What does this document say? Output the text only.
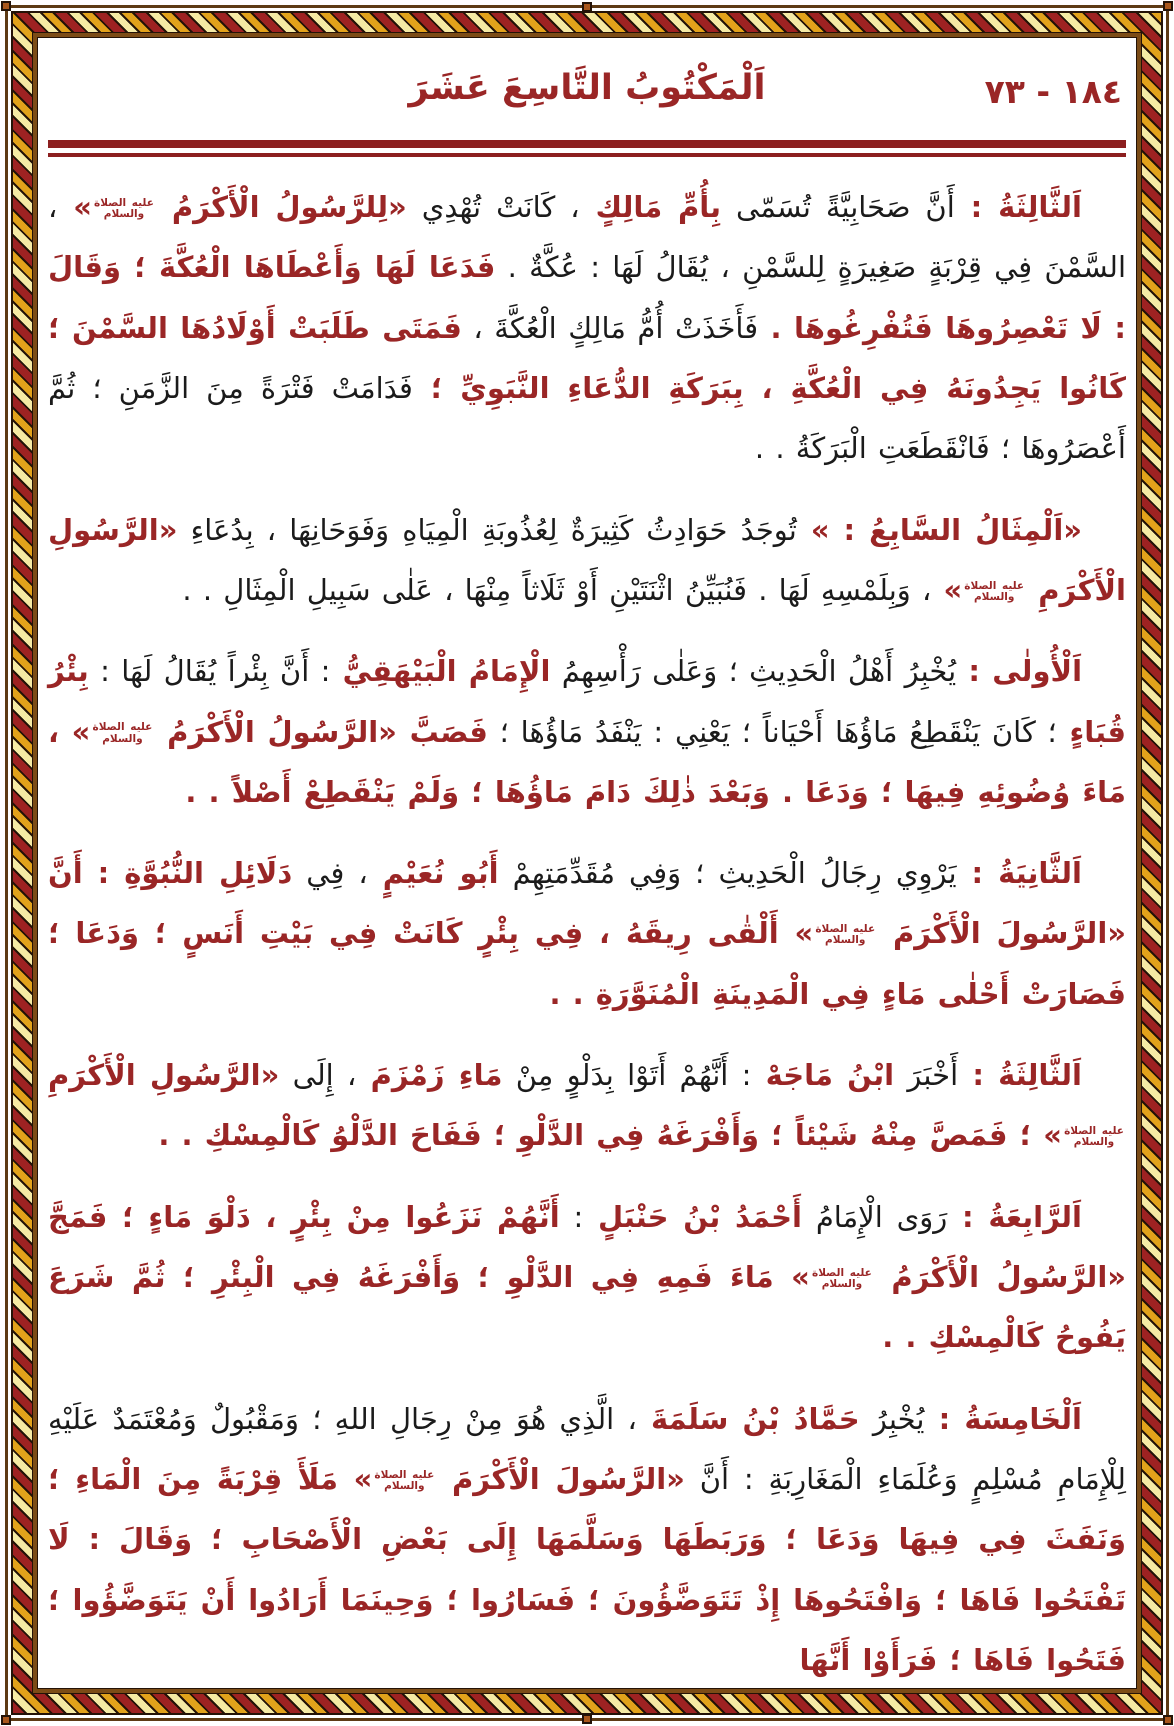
١٨٤ - ٧٣
اَلْمَكْتُوبُ التَّاسِعَ عَشَرَ

اَلثَّالِثَةُ : أَنَّ صَحَابِيَّةً تُسَمّى بِأُمِّ مَالِكٍ ، كَانَتْ تُهْدِي «لِلرَّسُولُ الْأَكْرَمُ عليه الصلاة والسلام» ، السَّمْنَ فِي قِرْبَةٍ صَغِيرَةٍ لِلسَّمْنِ ، يُقَالُ لَهَا : عُكَّةٌ . فَدَعَا لَهَا وَأَعْطَاهَا الْعُكَّةَ ؛ وَقَالَ : لَا تَعْصِرُوهَا فَتُفْرِغُوهَا . فَأَخَذَتْ أُمُّ مَالِكٍ الْعُكَّةَ ، فَمَتَى طَلَبَتْ أَوْلَادُهَا السَّمْنَ ؛ كَانُوا يَجِدُونَهُ فِي الْعُكَّةِ ، بِبَرَكَةِ الدُّعَاءِ النَّبَوِيِّ ؛ فَدَامَتْ فَتْرَةً مِنَ الزَّمَنِ ؛ ثُمَّ أَعْصَرُوهَا ؛ فَانْقَطَعَتِ الْبَرَكَةُ . .

«اَلْمِثَالُ السَّابِعُ : » تُوجَدُ حَوَادِثُ كَثِيرَةٌ لِعُذُوبَةِ الْمِيَاهِ وَفَوَحَانِهَا ، بِدُعَاءِ «الرَّسُولِ الْأَكْرَمِ عليه الصلاة والسلام» ، وَبِلَمْسِهِ لَهَا . فَنُبَيِّنُ اثْنَتَيْنِ أَوْ ثَلَاثاً مِنْهَا ، عَلٰى سَبِيلِ الْمِثَالِ . .

اَلْأُولٰى : يُخْبِرُ أَهْلُ الْحَدِيثِ ؛ وَعَلٰى رَأْسِهِمُ الْإِمَامُ الْبَيْهَقِيُّ : أَنَّ بِئْراً يُقَالُ لَهَا : بِئْرُ قُبَاءٍ ؛ كَانَ يَنْقَطِعُ مَاؤُهَا أَحْيَاناً ؛ يَعْنِي : يَنْفَدُ مَاؤُهَا ؛ فَصَبَّ «الرَّسُولُ الْأَكْرَمُ عليه الصلاة والسلام» ، مَاءَ وُضُوئِهِ فِيهَا ؛ وَدَعَا . وَبَعْدَ ذٰلِكَ دَامَ مَاؤُهَا ؛ وَلَمْ يَنْقَطِعْ أَصْلاً . .

اَلثَّانِيَةُ : يَرْوِي رِجَالُ الْحَدِيثِ ؛ وَفِي مُقَدِّمَتِهِمْ أَبُو نُعَيْمٍ ، فِي دَلَائِلِ النُّبُوَّةِ : أَنَّ «الرَّسُولَ الْأَكْرَمَ عليه الصلاة والسلام» أَلْقٰى رِيقَهُ ، فِي بِئْرٍ كَانَتْ فِي بَيْتِ أَنَسٍ ؛ وَدَعَا ؛ فَصَارَتْ أَحْلٰى مَاءٍ فِي الْمَدِينَةِ الْمُنَوَّرَةِ . .

اَلثَّالِثَةُ : أَخْبَرَ ابْنُ مَاجَهْ : أَنَّهُمْ أَتَوْا بِدَلْوٍ مِنْ مَاءِ زَمْزَمَ ، إِلَى «الرَّسُولِ الْأَكْرَمِ عليه الصلاة والسلام» ؛ فَمَصَّ مِنْهُ شَيْئاً ؛ وَأَفْرَغَهُ فِي الدَّلْوِ ؛ فَفَاحَ الدَّلْوُ كَالْمِسْكِ . .

اَلرَّابِعَةُ : رَوَى الْإِمَامُ أَحْمَدُ بْنُ حَنْبَلٍ : أَنَّهُمْ نَزَعُوا مِنْ بِئْرٍ ، دَلْوَ مَاءٍ ؛ فَمَجَّ «الرَّسُولُ الْأَكْرَمُ عليه الصلاة والسلام» مَاءَ فَمِهِ فِي الدَّلْوِ ؛ وَأَفْرَغَهُ فِي الْبِئْرِ ؛ ثُمَّ شَرَعَ يَفُوحُ كَالْمِسْكِ . .

اَلْخَامِسَةُ : يُخْبِرُ حَمَّادُ بْنُ سَلَمَةَ ، الَّذِي هُوَ مِنْ رِجَالِ اللهِ ؛ وَمَقْبُولٌ وَمُعْتَمَدٌ عَلَيْهِ لِلْإِمَامِ مُسْلِمٍ وَعُلَمَاءِ الْمَغَارِبَةِ : أَنَّ «الرَّسُولَ الْأَكْرَمَ عليه الصلاة والسلام» مَلَأَ قِرْبَةً مِنَ الْمَاءِ ؛ وَنَفَثَ فِي فِيهَا وَدَعَا ؛ وَرَبَطَهَا وَسَلَّمَهَا إِلَى بَعْضِ الْأَصْحَابِ ؛ وَقَالَ : لَا تَفْتَحُوا فَاهَا ؛ وَافْتَحُوهَا إِذْ تَتَوَضَّؤُونَ ؛ فَسَارُوا ؛ وَحِينَمَا أَرَادُوا أَنْ يَتَوَضَّؤُوا ؛ فَتَحُوا فَاهَا ؛ فَرَأَوْا أَنَّهَا
